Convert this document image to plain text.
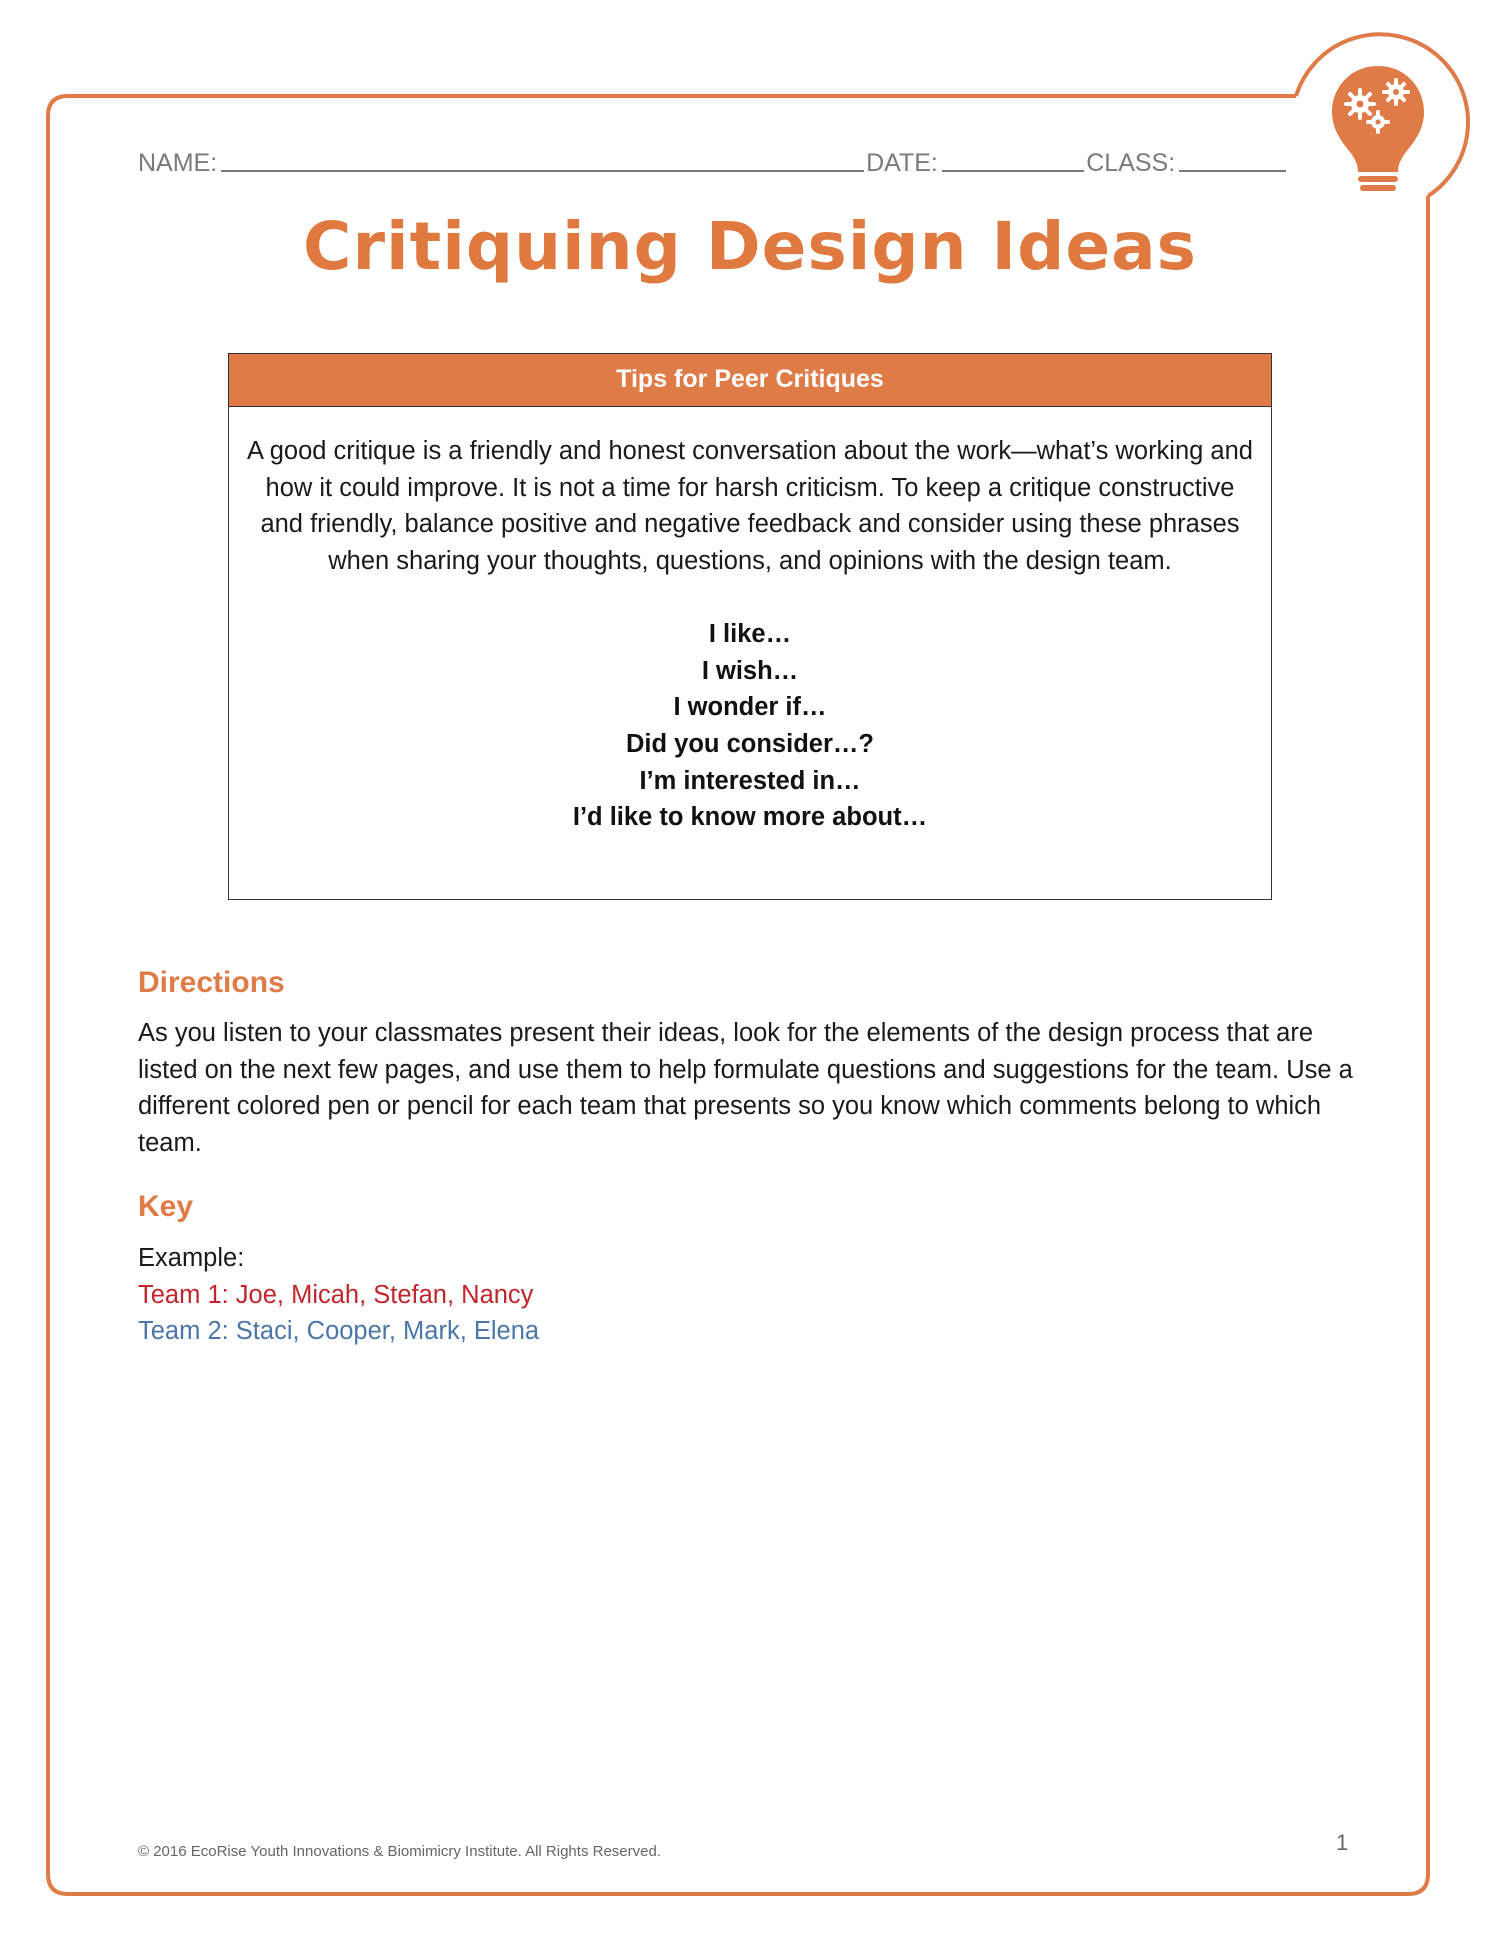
NAME:	DATE:	CLASS:
Critiquing Design Ideas
Tips for Peer Critiques
A good critique is a friendly and honest conversation about the work—what’s working and how it could improve. It is not a time for harsh criticism. To keep a critique constructive and friendly, balance positive and negative feedback and consider using these phrases when sharing your thoughts, questions, and opinions with the design team.
I like…
I wish…
I wonder if…
Did you consider…?
I’m interested in…
I’d like to know more about…
Directions
As you listen to your classmates present their ideas, look for the elements of the design process that are listed on the next few pages, and use them to help formulate questions and suggestions for the team. Use a different colored pen or pencil for each team that presents so you know which comments belong to which team.
Key
Example:
Team 1: Joe, Micah, Stefan, Nancy
Team 2: Staci, Cooper, Mark, Elena
© 2016 EcoRise Youth Innovations & Biomimicry Institute. All Rights Reserved.	1
